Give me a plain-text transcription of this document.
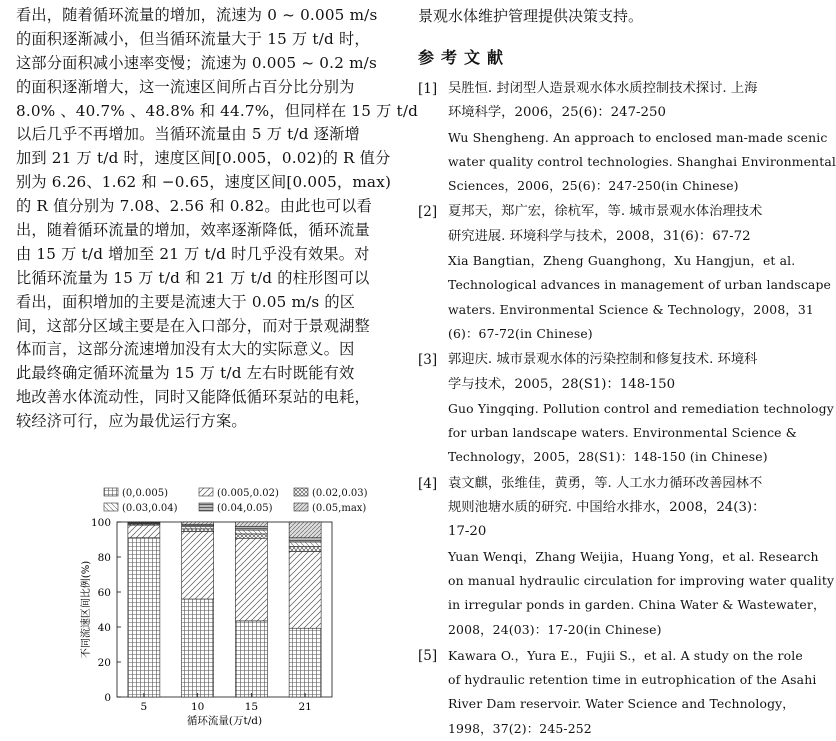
看出，随着循环流量的增加，流速为 0 ~ 0.005 m/s
的面积逐渐减小，但当循环流量大于 15 万 t/d 时，
这部分面积减小速率变慢；流速为 0.005 ~ 0.2 m/s
的面积逐渐增大，这一流速区间所占百分比分别为
8.0% 、40.7% 、48.8% 和 44.7%，但同样在 15 万 t/d
以后几乎不再增加。当循环流量由 5 万 t/d 逐渐增
加到 21 万 t/d 时，速度区间[0.005，0.02)的 R 值分
别为 6.26、1.62 和 −0.65，速度区间[0.005，max)
的 R 值分别为 7.08、2.56 和 0.82。由此也可以看
出，随着循环流量的增加，效率逐渐降低，循环流量
由 15 万 t/d 增加至 21 万 t/d 时几乎没有效果。对
比循环流量为 15 万 t/d 和 21 万 t/d 的柱形图可以
看出，面积增加的主要是流速大于 0.05 m/s 的区
间，这部分区域主要是在入口部分，而对于景观湖整
体而言，这部分流速增加没有太大的实际意义。因
此最终确定循环流量为 15 万 t/d 左右时既能有效
地改善水体流动性，同时又能降低循环泵站的电耗，
较经济可行，应为最优运行方案。
(0,0.005)	(0.005,0.02)	(0.02,0.03)
(0.03,0.04)	(0.04,0.05)	(0.05,max)
0
20
40
60
80
100
不同流速区间比例(%)
5	10	15	21
循环流量(万t/d)
景观水体维护管理提供决策支持。
参考文献
[1] 吴胜恒. 封闭型人造景观水体水质控制技术探讨. 上海
环境科学，2006，25(6)：247-250
Wu Shengheng. An approach to enclosed man-made scenic
water quality control technologies. Shanghai Environmental
Sciences，2006，25(6)：247-250(in Chinese)
[2] 夏邦天，郑广宏，徐杭军，等. 城市景观水体治理技术
研究进展. 环境科学与技术，2008，31(6)：67-72
Xia Bangtian，Zheng Guanghong，Xu Hangjun，et al.
Technological advances in management of urban landscape
waters. Environmental Science & Technology，2008，31
(6)：67-72(in Chinese)
[3] 郭迎庆. 城市景观水体的污染控制和修复技术. 环境科
学与技术，2005，28(S1)：148-150
Guo Yingqing. Pollution control and remediation technology
for urban landscape waters. Environmental Science &
Technology，2005，28(S1)：148-150 (in Chinese)
[4] 袁文麒，张维佳，黄勇，等. 人工水力循环改善园林不
规则池塘水质的研究. 中国给水排水，2008，24(3)：
17-20
Yuan Wenqi，Zhang Weijia，Huang Yong，et al. Research
on manual hydraulic circulation for improving water quality
in irregular ponds in garden. China Water & Wastewater，
2008，24(03)：17-20(in Chinese)
[5] Kawara O.，Yura E.，Fujii S.，et al. A study on the role
of hydraulic retention time in eutrophication of the Asahi
River Dam reservoir. Water Science and Technology，
1998，37(2)：245-252
